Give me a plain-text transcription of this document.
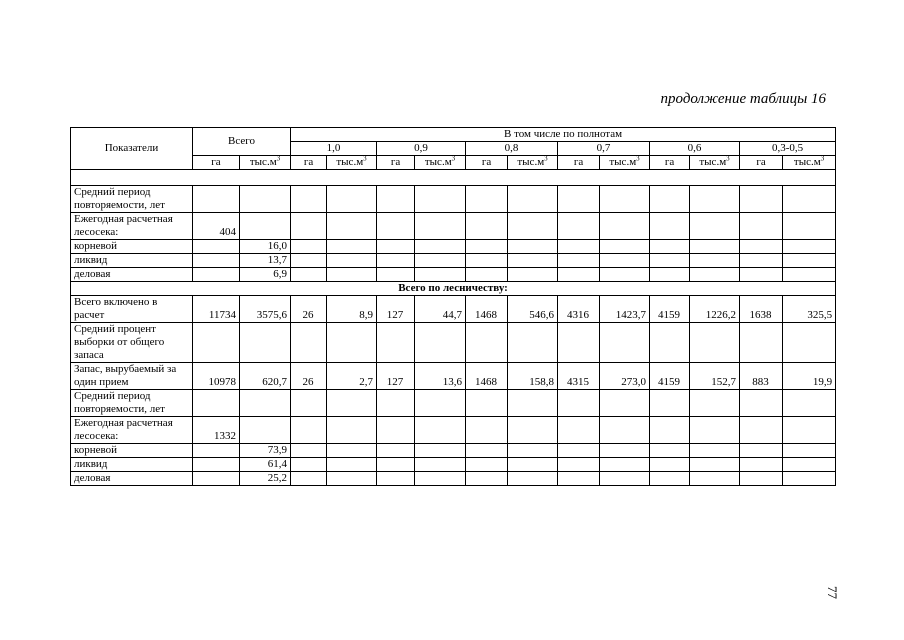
продолжение таблицы 16
Показатели	Всего		В том числе по полнотам											
			1,0		0,9		0,8		0,7		0,6		0,3-0,5	
	га	$тыс.м^3$	га	$тыс.м^3$	га	$тыс.м^3$	га	$тыс.м^3$	га	$тыс.м^3$	га	$тыс.м^3$	га	$тыс.м^3$

Средний период повторяемости, лет														
Ежегодная расчетная лесосека:	404													
корневой		16,0												
ликвид		13,7												
деловая		6,9												
Всего по лесничеству:														
Всего включено в расчет	11734	3575,6	26	8,9	127	44,7	1468	546,6	4316	1423,7	4159	1226,2	1638	325,5
Средний процент выборки от общего запаса														
Запас, вырубаемый за один прием	10978	620,7	26	2,7	127	13,6	1468	158,8	4315	273,0	4159	152,7	883	19,9
Средний период повторяемости, лет														
Ежегодная расчетная лесосека:	1332													
корневой		73,9												
ликвид		61,4												
деловая		25,2												
77
